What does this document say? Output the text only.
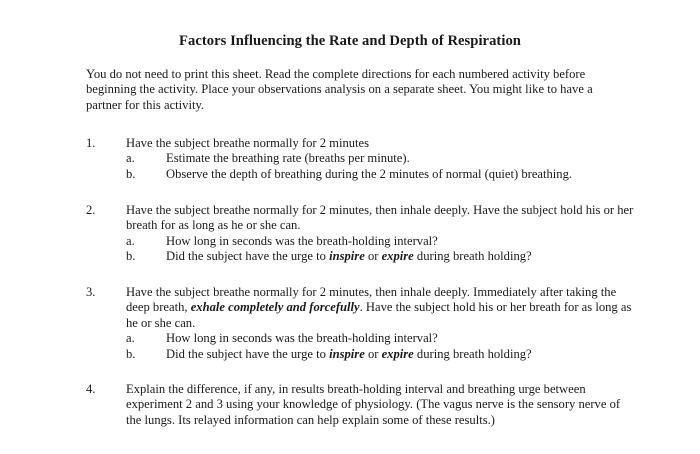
Factors Influencing the Rate and Depth of Respiration
You do not need to print this sheet. Read the complete directions for each numbered activity before beginning the activity. Place your observations analysis on a separate sheet. You might like to have a partner for this activity.
1. Have the subject breathe normally for 2 minutes
a. Estimate the breathing rate (breaths per minute).
b. Observe the depth of breathing during the 2 minutes of normal (quiet) breathing.
2. Have the subject breathe normally for 2 minutes, then inhale deeply. Have the subject hold his or her breath for as long as he or she can.
a. How long in seconds was the breath-holding interval?
b. Did the subject have the urge to inspire or expire during breath holding?
3. Have the subject breathe normally for 2 minutes, then inhale deeply. Immediately after taking the deep breath, exhale completely and forcefully. Have the subject hold his or her breath for as long as he or she can.
a. How long in seconds was the breath-holding interval?
b. Did the subject have the urge to inspire or expire during breath holding?
4. Explain the difference, if any, in results breath-holding interval and breathing urge between experiment 2 and 3 using your knowledge of physiology. (The vagus nerve is the sensory nerve of the lungs. Its relayed information can help explain some of these results.)
